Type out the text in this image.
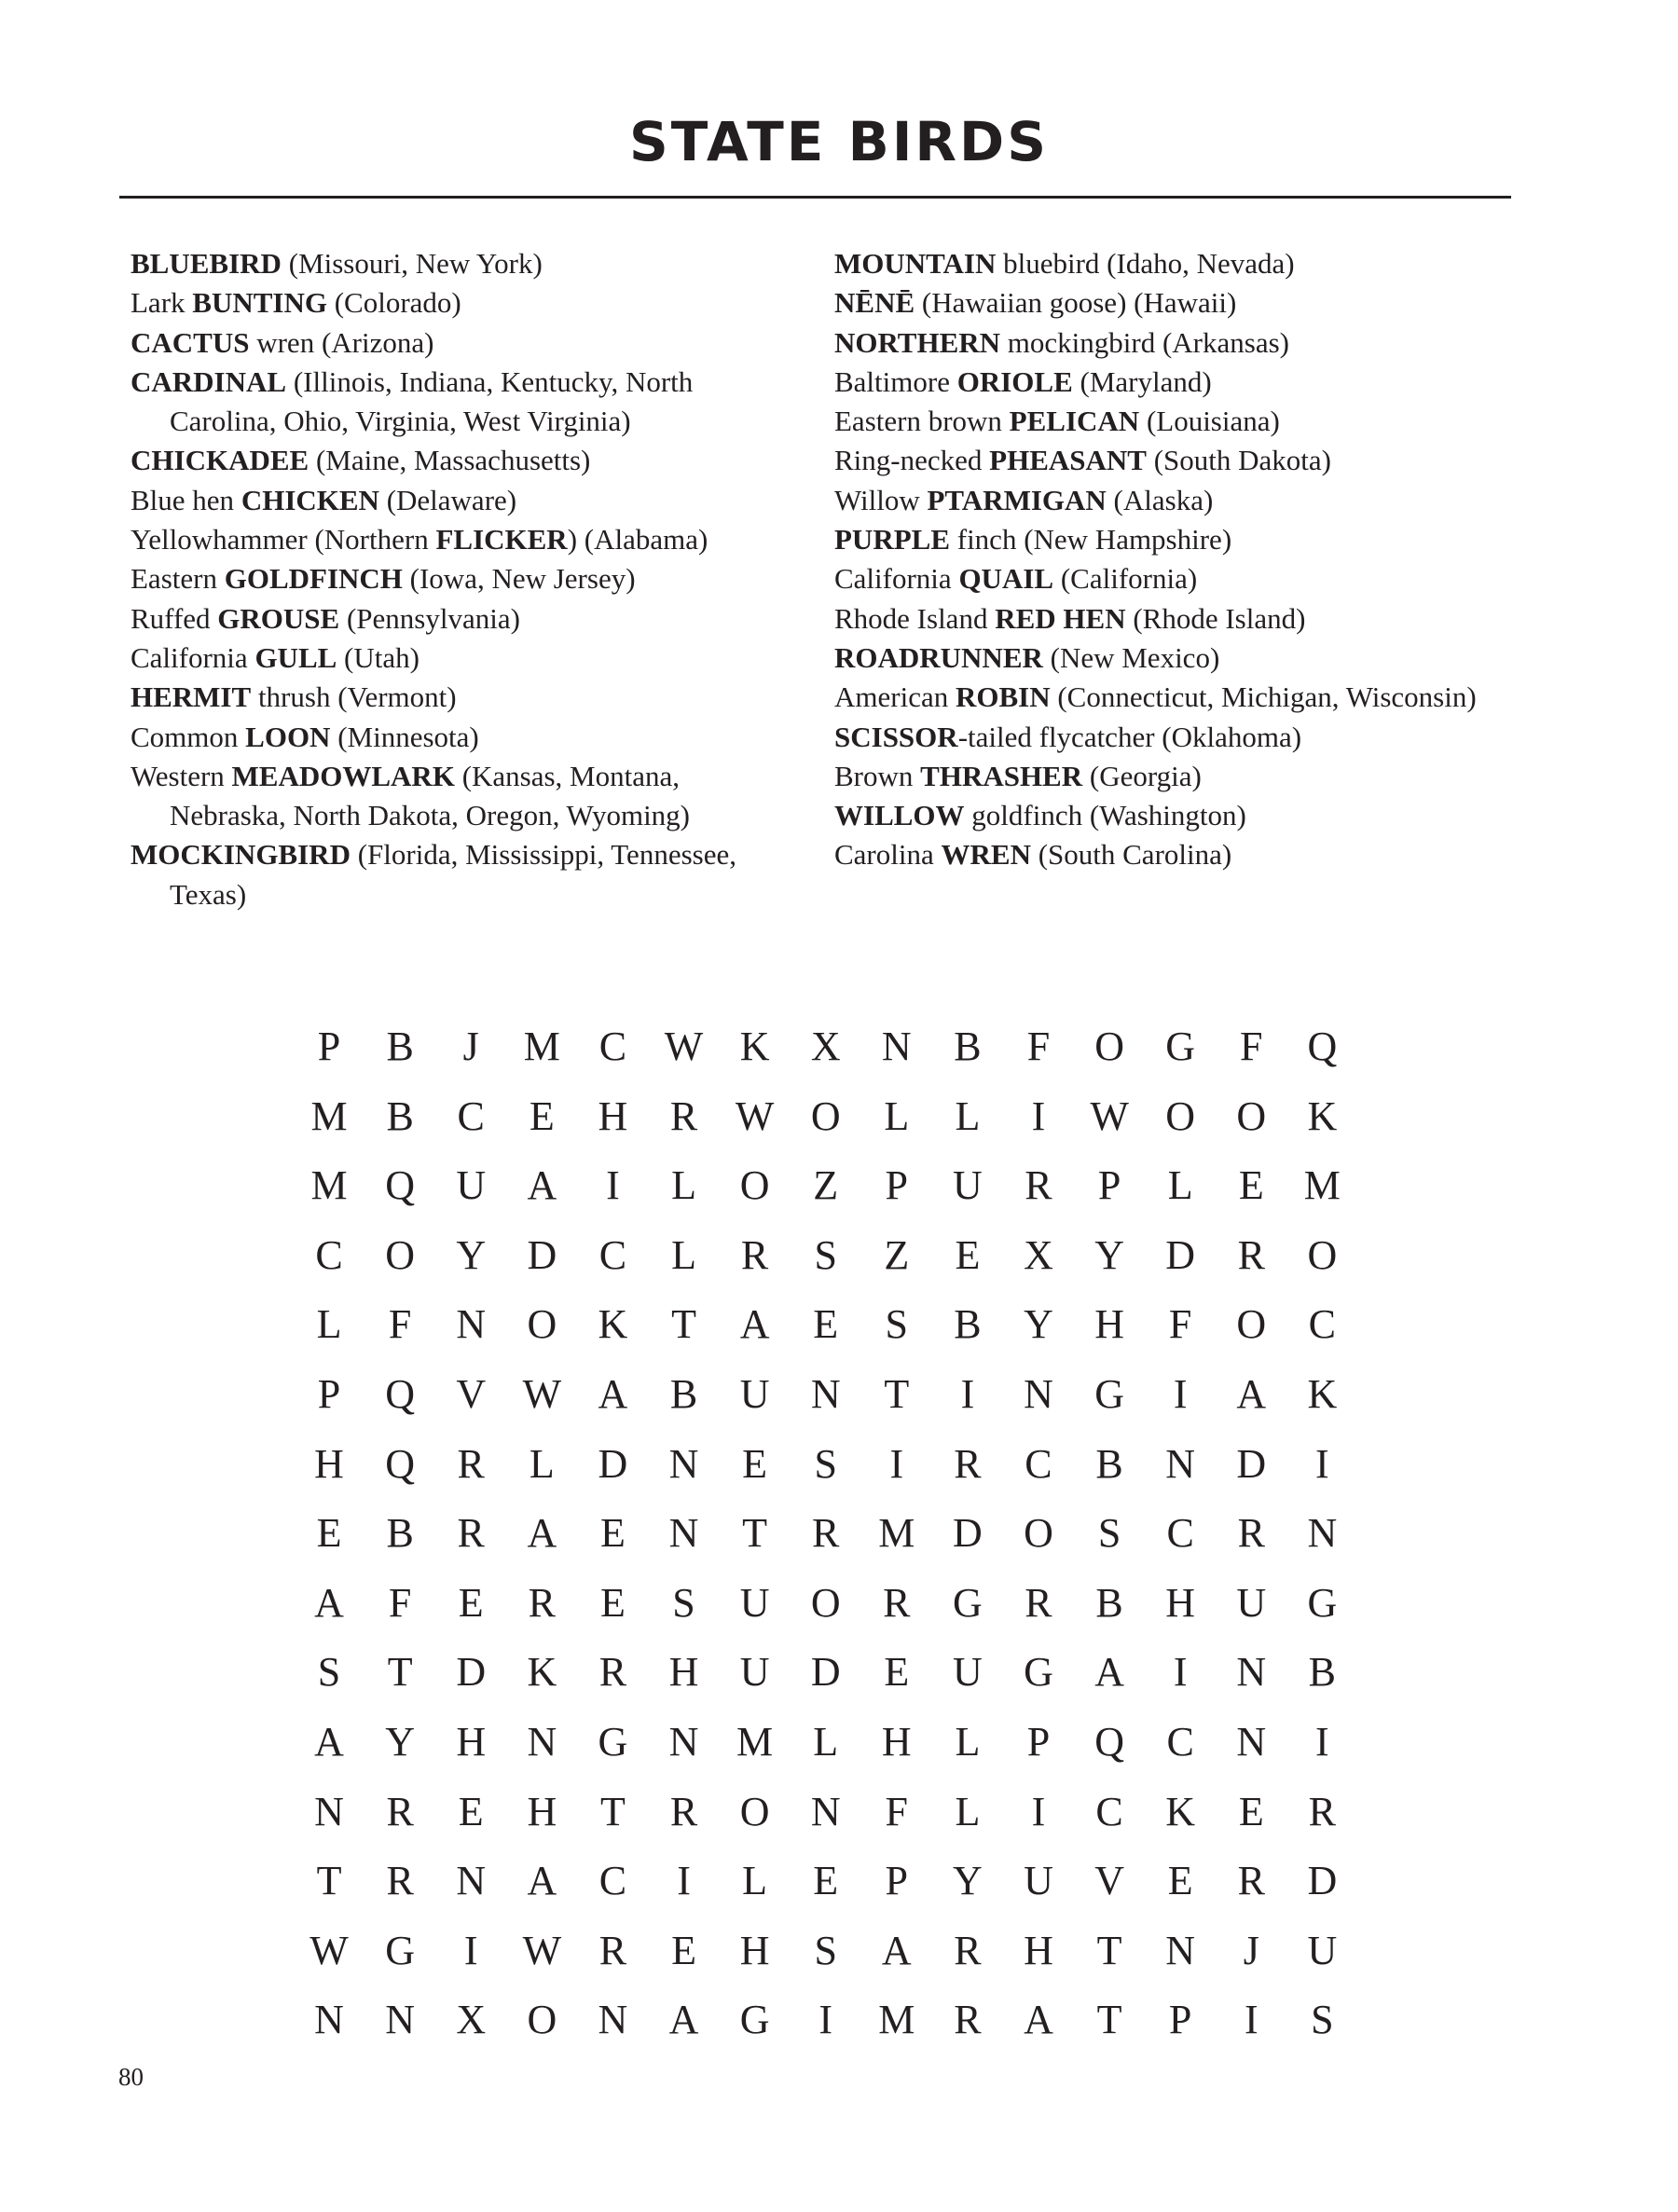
STATE BIRDS
BLUEBIRD (Missouri, New York)
Lark BUNTING (Colorado)
CACTUS wren (Arizona)
CARDINAL (Illinois, Indiana, Kentucky, North Carolina, Ohio, Virginia, West Virginia)
CHICKADEE (Maine, Massachusetts)
Blue hen CHICKEN (Delaware)
Yellowhammer (Northern FLICKER) (Alabama)
Eastern GOLDFINCH (Iowa, New Jersey)
Ruffed GROUSE (Pennsylvania)
California GULL (Utah)
HERMIT thrush (Vermont)
Common LOON (Minnesota)
Western MEADOWLARK (Kansas, Montana, Nebraska, North Dakota, Oregon, Wyoming)
MOCKINGBIRD (Florida, Mississippi, Tennessee, Texas)
MOUNTAIN bluebird (Idaho, Nevada)
NĒNĒ (Hawaiian goose) (Hawaii)
NORTHERN mockingbird (Arkansas)
Baltimore ORIOLE (Maryland)
Eastern brown PELICAN (Louisiana)
Ring-necked PHEASANT (South Dakota)
Willow PTARMIGAN (Alaska)
PURPLE finch (New Hampshire)
California QUAIL (California)
Rhode Island RED HEN (Rhode Island)
ROADRUNNER (New Mexico)
American ROBIN (Connecticut, Michigan, Wisconsin)
SCISSOR-tailed flycatcher (Oklahoma)
Brown THRASHER (Georgia)
WILLOW goldfinch (Washington)
Carolina WREN (South Carolina)
P	B	J	M C W K	X	N	B	F	O	G	F	Q
M B	C	E	H	R W O	L	L	I	W O	O	K
M Q	U	A	I	L	O	Z	P	U	R	P	L	E M
C	O	Y	D	C	L	R	S	Z	E	X	Y	D	R	O
L	F	N	O	K	T	A	E	S	B	Y	H	F	O	C
P	Q	V W A	B	U	N	T	I	N	G	I	A	K
H	Q	R	L	D	N	E	S	I	R	C	B	N	D	I
E	B	R	A	E	N	T	R M D	O	S	C	R	N
A	F	E	R	E	S	U	O	R	G	R	B	H	U	G
S	T	D	K	R	H	U	D	E	U	G	A	I	N	B
A	Y	H	N	G	N M L	H	L	P	Q	C	N	I
N	R	E	H	T	R	O	N	F	L	I	C	K	E	R
T	R	N	A	C	I	L	E	P	Y	U	V	E	R	D
W G	I	W R	E	H	S	A	R	H	T	N	J	U
N	N	X	O	N	A	G	I	M R	A	T	P	I	S
80
